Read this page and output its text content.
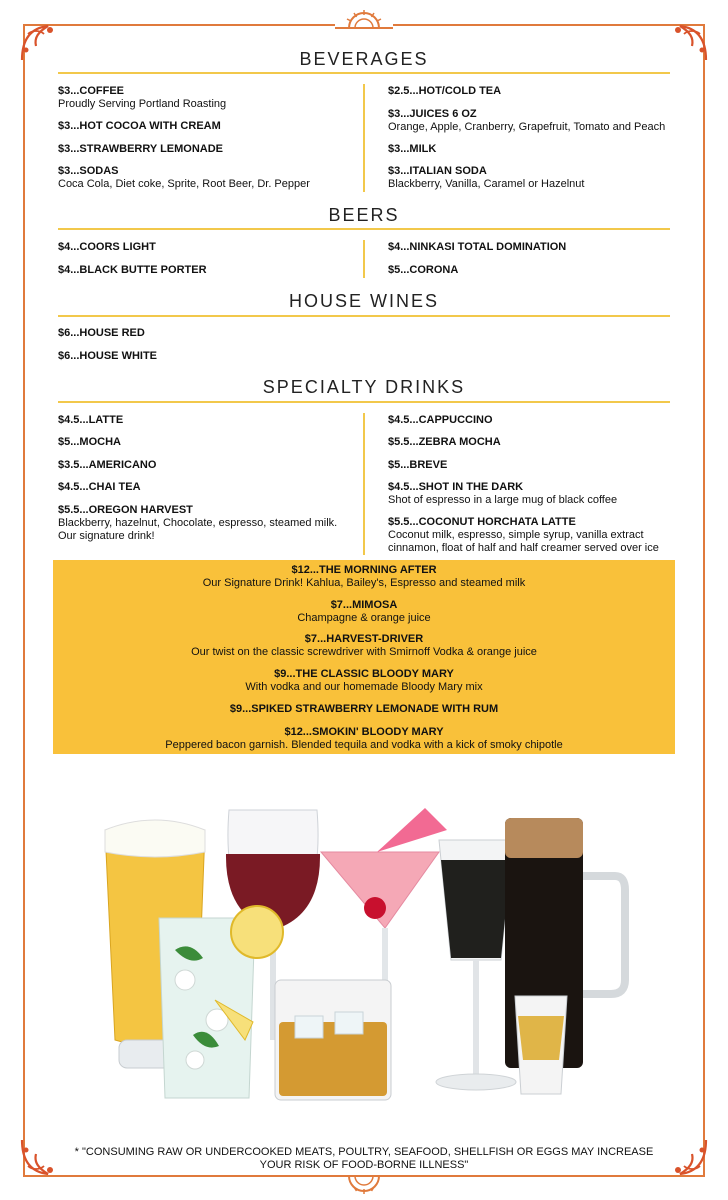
BEVERAGES
$3...COFFEE
Proudly Serving Portland Roasting
$3...HOT COCOA WITH CREAM
$3...STRAWBERRY LEMONADE
$3...SODAS
Coca Cola, Diet coke, Sprite, Root Beer, Dr. Pepper
$2.5...HOT/COLD TEA
$3...JUICES 6 OZ
Orange, Apple, Cranberry, Grapefruit, Tomato and Peach
$3...MILK
$3...ITALIAN SODA
Blackberry, Vanilla, Caramel or Hazelnut
BEERS
$4...COORS LIGHT
$4...BLACK BUTTE PORTER
$4...NINKASI TOTAL DOMINATION
$5...CORONA
HOUSE WINES
$6...HOUSE RED
$6...HOUSE WHITE
SPECIALTY DRINKS
$4.5...LATTE
$5...MOCHA
$3.5...AMERICANO
$4.5...CHAI TEA
$5.5...OREGON HARVEST
Blackberry, hazelnut, Chocolate, espresso, steamed milk.
Our signature drink!
$4.5...CAPPUCCINO
$5.5...ZEBRA MOCHA
$5...BREVE
$4.5...SHOT IN THE DARK
Shot of espresso in a large mug of black coffee
$5.5...COCONUT HORCHATA LATTE
Coconut milk, espresso, simple syrup, vanilla extract
cinnamon, float of half and half creamer served over ice
$12...THE MORNING AFTER
Our Signature Drink! Kahlua, Bailey's, Espresso and steamed milk
$7...MIMOSA
Champagne & orange juice
$7...HARVEST-DRIVER
Our twist on the classic screwdriver with Smirnoff Vodka & orange juice
$9...THE CLASSIC BLOODY MARY
With vodka and our homemade Bloody Mary mix
$9...SPIKED STRAWBERRY LEMONADE WITH RUM
$12...SMOKIN' BLOODY MARY
Peppered bacon garnish. Blended tequila and vodka with a kick of smoky chipotle
* "CONSUMING RAW OR UNDERCOOKED MEATS, POULTRY, SEAFOOD, SHELLFISH OR EGGS MAY INCREASE
YOUR RISK OF FOOD-BORNE ILLNESS"
